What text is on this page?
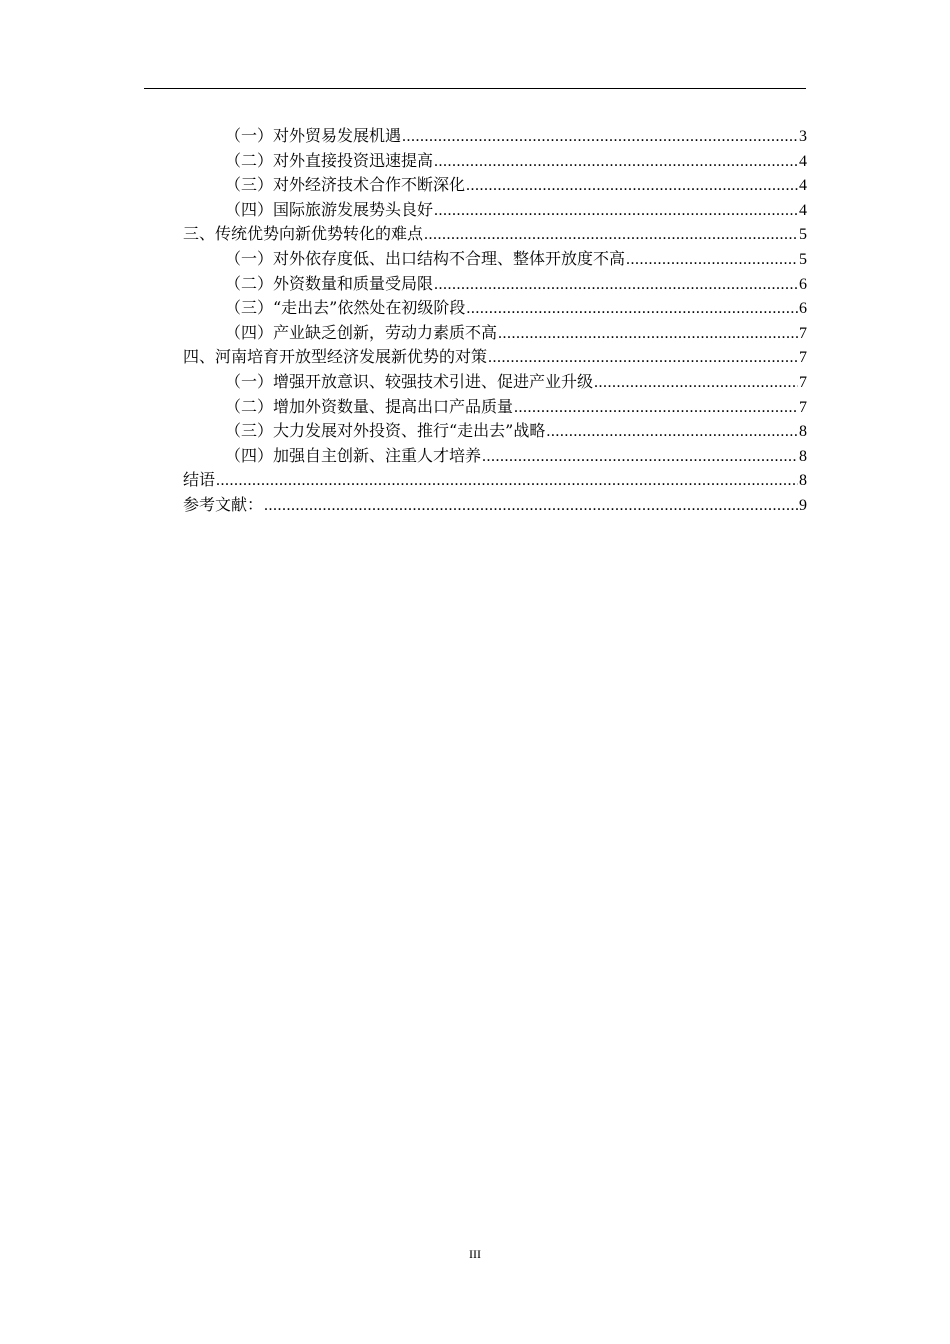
（一）对外贸易发展机遇 .....	3
（二）对外直接投资迅速提高 .....	4
（三）对外经济技术合作不断深化 .....	4
（四）国际旅游发展势头良好 .....	4
三、传统优势向新优势转化的难点 .....	5
（一）对外依存度低、出口结构不合理、整体开放度不高 .....	5
（二）外资数量和质量受局限 .....	6
（三）“走出去”依然处在初级阶段 .....	6
（四）产业缺乏创新，劳动力素质不高 .....	7
四、河南培育开放型经济发展新优势的对策 .....	7
（一）增强开放意识、较强技术引进、促进产业升级 .....	7
（二）增加外资数量、提高出口产品质量 .....	7
（三）大力发展对外投资、推行“走出去”战略 .....	8
（四）加强自主创新、注重人才培养 .....	8
结语 .....	8
参考文献： .....	9
III
